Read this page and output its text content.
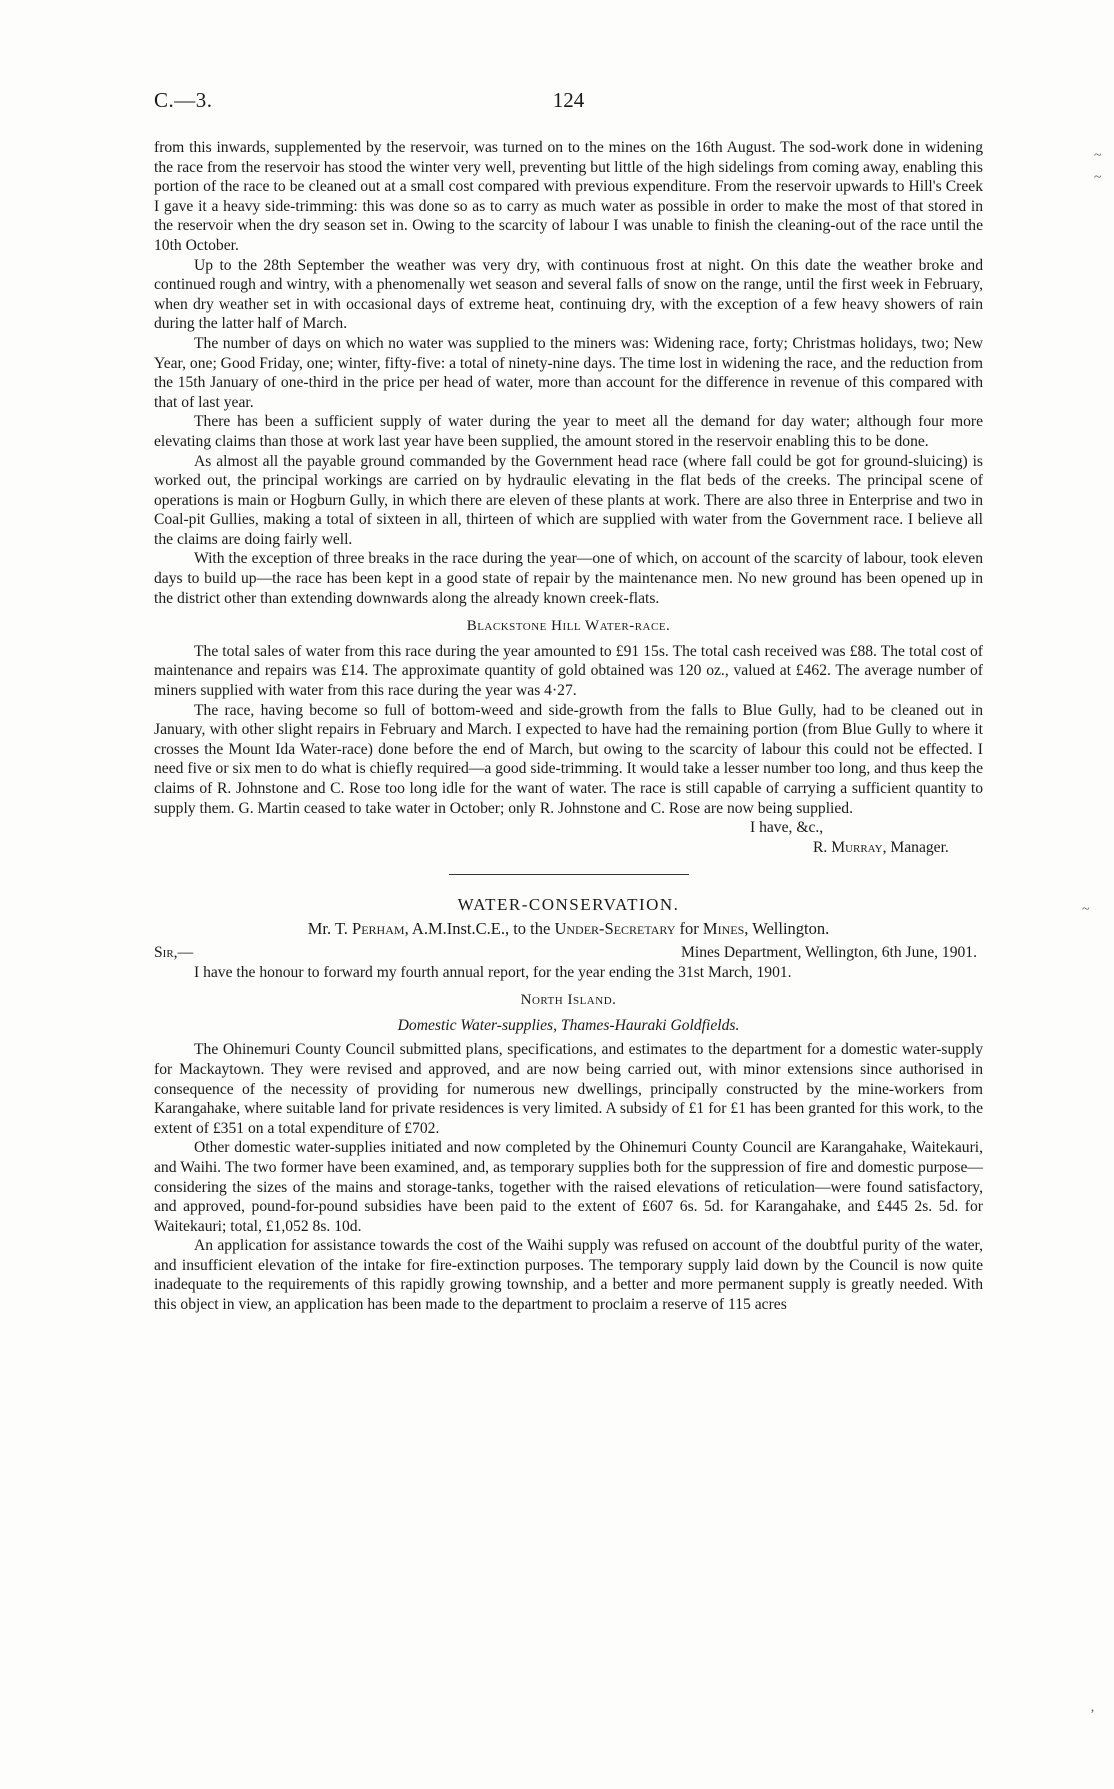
~
~
~
C.—3.	124

from this inwards, supplemented by the reservoir, was turned on to the mines on the 16th August. The sod-work done in widening the race from the reservoir has stood the winter very well, preventing but little of the high sidelings from coming away, enabling this portion of the race to be cleaned out at a small cost compared with previous expenditure. From the reservoir upwards to Hill's Creek I gave it a heavy side-trimming: this was done so as to carry as much water as possible in order to make the most of that stored in the reservoir when the dry season set in. Owing to the scarcity of labour I was unable to finish the cleaning-out of the race until the 10th October.

Up to the 28th September the weather was very dry, with continuous frost at night. On this date the weather broke and continued rough and wintry, with a phenomenally wet season and several falls of snow on the range, until the first week in February, when dry weather set in with occasional days of extreme heat, continuing dry, with the exception of a few heavy showers of rain during the latter half of March.

The number of days on which no water was supplied to the miners was: Widening race, forty; Christmas holidays, two; New Year, one; Good Friday, one; winter, fifty-five: a total of ninety-nine days. The time lost in widening the race, and the reduction from the 15th January of one-third in the price per head of water, more than account for the difference in revenue of this compared with that of last year.

There has been a sufficient supply of water during the year to meet all the demand for day water; although four more elevating claims than those at work last year have been supplied, the amount stored in the reservoir enabling this to be done.

As almost all the payable ground commanded by the Government head race (where fall could be got for ground-sluicing) is worked out, the principal workings are carried on by hydraulic elevating in the flat beds of the creeks. The principal scene of operations is main or Hogburn Gully, in which there are eleven of these plants at work. There are also three in Enterprise and two in Coal-pit Gullies, making a total of sixteen in all, thirteen of which are supplied with water from the Government race. I believe all the claims are doing fairly well.

With the exception of three breaks in the race during the year—one of which, on account of the scarcity of labour, took eleven days to build up—the race has been kept in a good state of repair by the maintenance men. No new ground has been opened up in the district other than extending downwards along the already known creek-flats.

Blackstone Hill Water-race.

The total sales of water from this race during the year amounted to £91 15s. The total cash received was £88. The total cost of maintenance and repairs was £14. The approximate quantity of gold obtained was 120 oz., valued at £462. The average number of miners supplied with water from this race during the year was 4·27.

The race, having become so full of bottom-weed and side-growth from the falls to Blue Gully, had to be cleaned out in January, with other slight repairs in February and March. I expected to have had the remaining portion (from Blue Gully to where it crosses the Mount Ida Water-race) done before the end of March, but owing to the scarcity of labour this could not be effected. I need five or six men to do what is chiefly required—a good side-trimming. It would take a lesser number too long, and thus keep the claims of R. Johnstone and C. Rose too long idle for the want of water. The race is still capable of carrying a sufficient quantity to supply them. G. Martin ceased to take water in October; only R. Johnstone and C. Rose are now being supplied.

I have, &c.,

R. Murray, Manager.

WATER-CONSERVATION.
Mr. T. Perham, A.M.Inst.C.E., to the Under-Secretary for Mines, Wellington.
Sir,—	Mines Department, Wellington, 6th June, 1901.

I have the honour to forward my fourth annual report, for the year ending the 31st March, 1901.

North Island.
Domestic Water-supplies, Thames-Hauraki Goldfields.

The Ohinemuri County Council submitted plans, specifications, and estimates to the department for a domestic water-supply for Mackaytown. They were revised and approved, and are now being carried out, with minor extensions since authorised in consequence of the necessity of providing for numerous new dwellings, principally constructed by the mine-workers from Karangahake, where suitable land for private residences is very limited. A subsidy of £1 for £1 has been granted for this work, to the extent of £351 on a total expenditure of £702.

Other domestic water-supplies initiated and now completed by the Ohinemuri County Council are Karangahake, Waitekauri, and Waihi. The two former have been examined, and, as temporary supplies both for the suppression of fire and domestic purpose—considering the sizes of the mains and storage-tanks, together with the raised elevations of reticulation—were found satisfactory, and approved, pound-for-pound subsidies have been paid to the extent of £607 6s. 5d. for Karangahake, and £445 2s. 5d. for Waitekauri; total, £1,052 8s. 10d.

An application for assistance towards the cost of the Waihi supply was refused on account of the doubtful purity of the water, and insufficient elevation of the intake for fire-extinction purposes. The temporary supply laid down by the Council is now quite inadequate to the requirements of this rapidly growing township, and a better and more permanent supply is greatly needed. With this object in view, an application has been made to the department to proclaim a reserve of 115 acres

‚
